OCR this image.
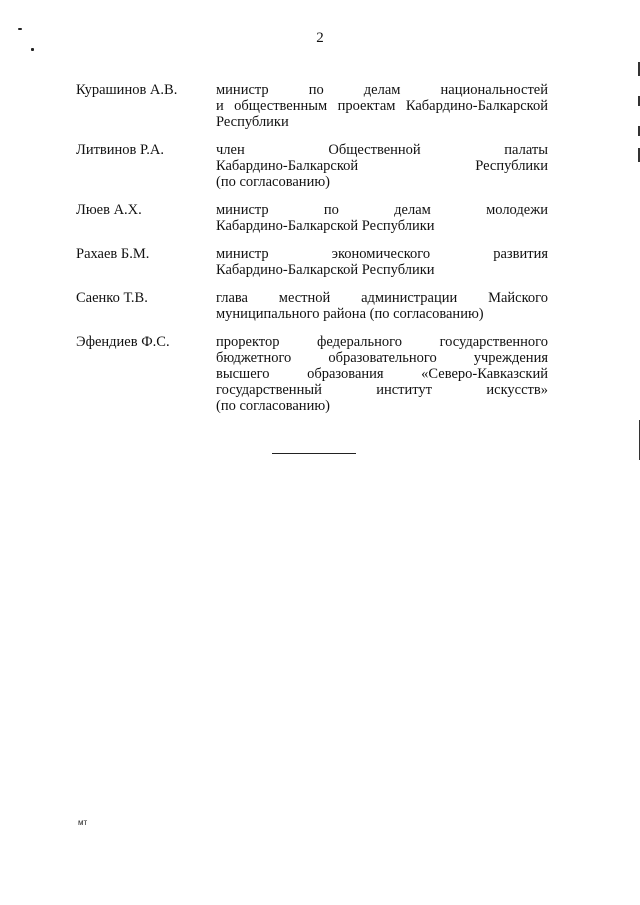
2
Курашинов А.В.	министр по делам национальностей
и общественным проектам Кабардино-Балкарской
Республики
Литвинов Р.А.	член Общественной палаты
Кабардино-Балкарской Республики
(по согласованию)
Люев А.Х.	министр по делам молодежи
Кабардино-Балкарской Республики
Рахаев Б.М.	министр экономического развития
Кабардино-Балкарской Республики
Саенко Т.В.	глава местной администрации Майского
муниципального района (по согласованию)
Эфендиев Ф.С.	проректор федерального государственного
бюджетного образовательного учреждения
высшего образования «Северо-Кавказский
государственный институт искусств»
(по согласованию)
мт
